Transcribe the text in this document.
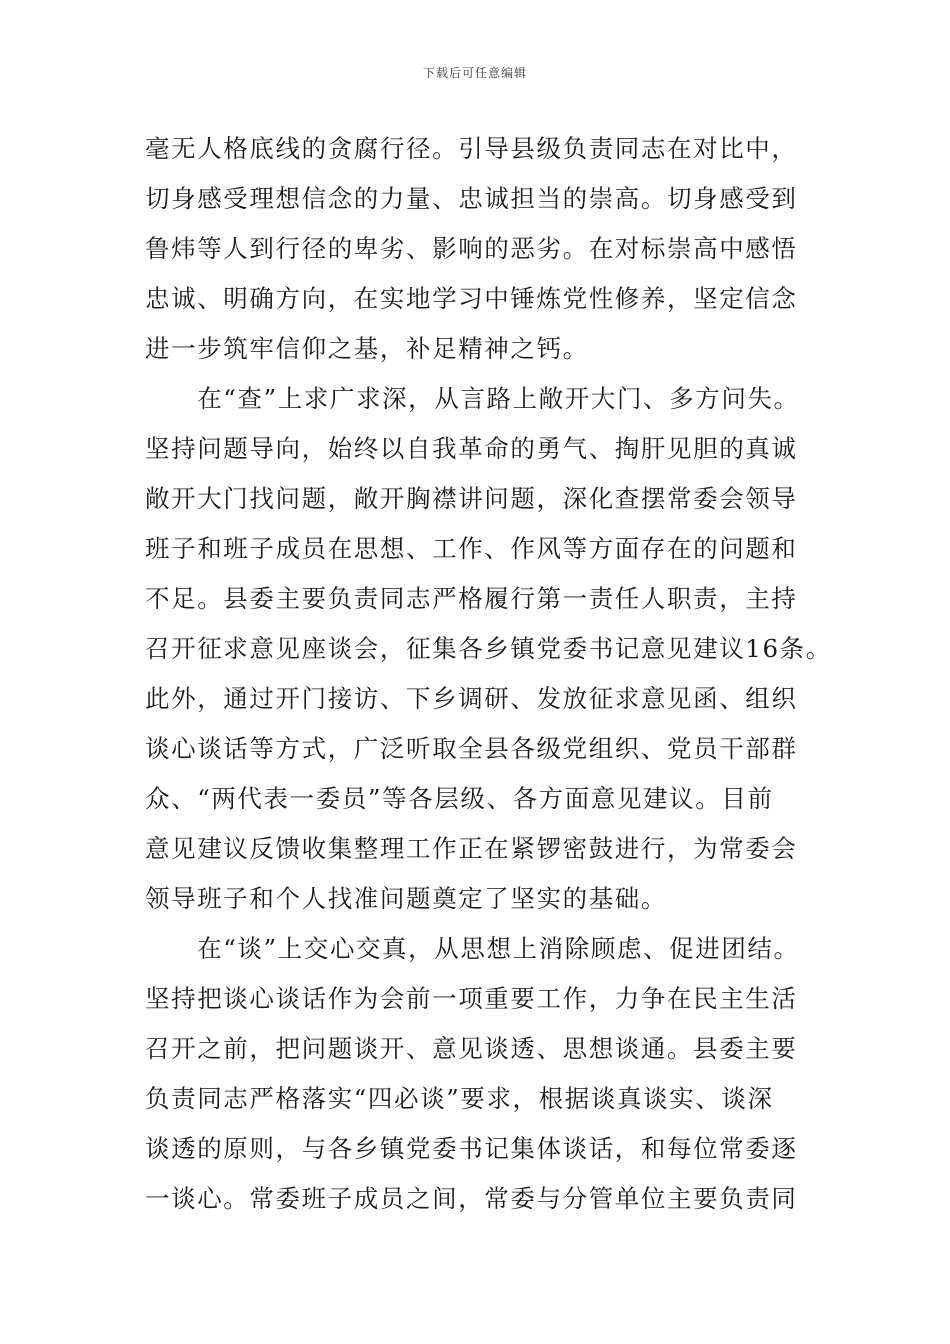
下载后可任意编辑
毫无人格底线的贪腐行径。引导县级负责同志在对比中，
切身感受理想信念的力量、忠诚担当的崇高。切身感受到
鲁炜等人到行径的卑劣、影响的恶劣。在对标崇高中感悟
忠诚、明确方向，在实地学习中锤炼党性修养，坚定信念
进一步筑牢信仰之基，补足精神之钙。
　　在“查”上求广求深，从言路上敞开大门、多方问失。
坚持问题导向，始终以自我革命的勇气、掏肝见胆的真诚
敞开大门找问题，敞开胸襟讲问题，深化查摆常委会领导
班子和班子成员在思想、工作、作风等方面存在的问题和
不足。县委主要负责同志严格履行第一责任人职责，主持
召开征求意见座谈会，征集各乡镇党委书记意见建议16条。
此外，通过开门接访、下乡调研、发放征求意见函、组织
谈心谈话等方式，广泛听取全县各级党组织、党员干部群
众、“两代表一委员”等各层级、各方面意见建议。目前
意见建议反馈收集整理工作正在紧锣密鼓进行，为常委会
领导班子和个人找准问题奠定了坚实的基础。
　　在“谈”上交心交真，从思想上消除顾虑、促进团结。
坚持把谈心谈话作为会前一项重要工作，力争在民主生活
召开之前，把问题谈开、意见谈透、思想谈通。县委主要
负责同志严格落实“四必谈”要求，根据谈真谈实、谈深
谈透的原则，与各乡镇党委书记集体谈话，和每位常委逐
一谈心。常委班子成员之间，常委与分管单位主要负责同
